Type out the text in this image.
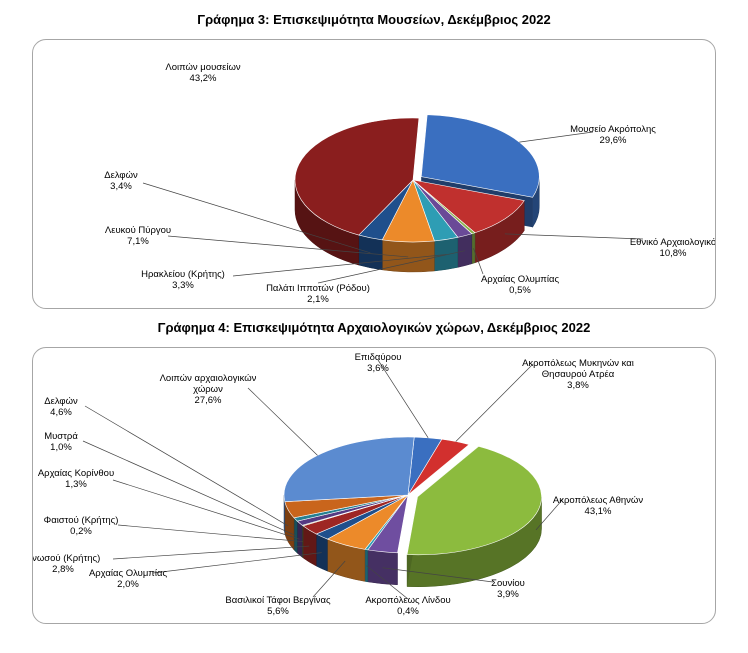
Γράφημα 3: Επισκεψιμότητα Μουσείων, Δεκέμβριος 2022
Μουσείο Ακρόπολης
29,6%
Εθνικό Αρχαιολογικό
10,8%
Αρχαίας Ολυμπίας
0,5%
Παλάτι Ιπποτών (Ρόδου)
2,1%
Ηρακλείου (Κρήτης)
3,3%
Λευκού Πύργου
7,1%
Δελφών
3,4%
Λοιπών μουσείων
43,2%
Γράφημα 4: Επισκεψιμότητα Αρχαιολογικών χώρων, Δεκέμβριος 2022
Επιδαύρου
3,6%	Ακροπόλεως Μυκηνών και
Θησαυρού Ατρέα
3,8%
Ακροπόλεως Αθηνών
43,1%
Σουνίου
3,9%
Ακροπόλεως Λίνδου
0,4%
Βασιλικοί Τάφοι Βεργίνας
5,6%
Αρχαίας Ολυμπίας
2,0%
Κνωσού (Κρήτης)
2,8%
Φαιστού (Κρήτης)
0,2%
Αρχαίας Κορίνθου
1,3%
Μυστρά
1,0%
Δελφών
4,6%
Λοιπών αρχαιολογικών
χώρων
27,6%
